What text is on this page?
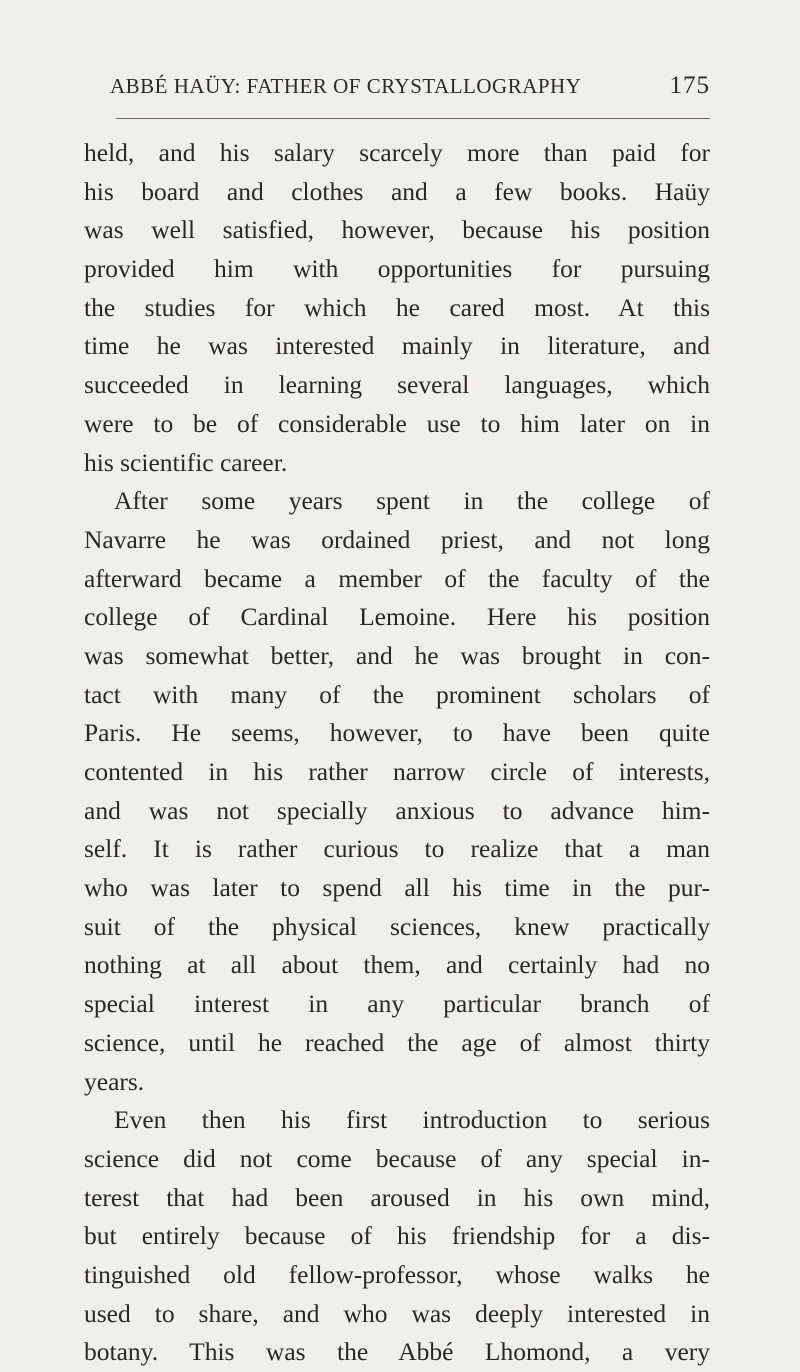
ABBÉ HAÜY: FATHER OF CRYSTALLOGRAPHY	175
held, and his salary scarcely more than paid for
his board and clothes and a few books. Haüy
was well satisfied, however, because his position
provided him with opportunities for pursuing
the studies for which he cared most. At this
time he was interested mainly in literature, and
succeeded in learning several languages, which
were to be of considerable use to him later on in
his scientific career.
After some years spent in the college of
Navarre he was ordained priest, and not long
afterward became a member of the faculty of the
college of Cardinal Lemoine. Here his position
was somewhat better, and he was brought in con-
tact with many of the prominent scholars of
Paris. He seems, however, to have been quite
contented in his rather narrow circle of interests,
and was not specially anxious to advance him-
self. It is rather curious to realize that a man
who was later to spend all his time in the pur-
suit of the physical sciences, knew practically
nothing at all about them, and certainly had no
special interest in any particular branch of
science, until he reached the age of almost thirty
years.
Even then his first introduction to serious
science did not come because of any special in-
terest that had been aroused in his own mind,
but entirely because of his friendship for a dis-
tinguished old fellow-professor, whose walks he
used to share, and who was deeply interested in
botany. This was the Abbé Lhomond, a very
